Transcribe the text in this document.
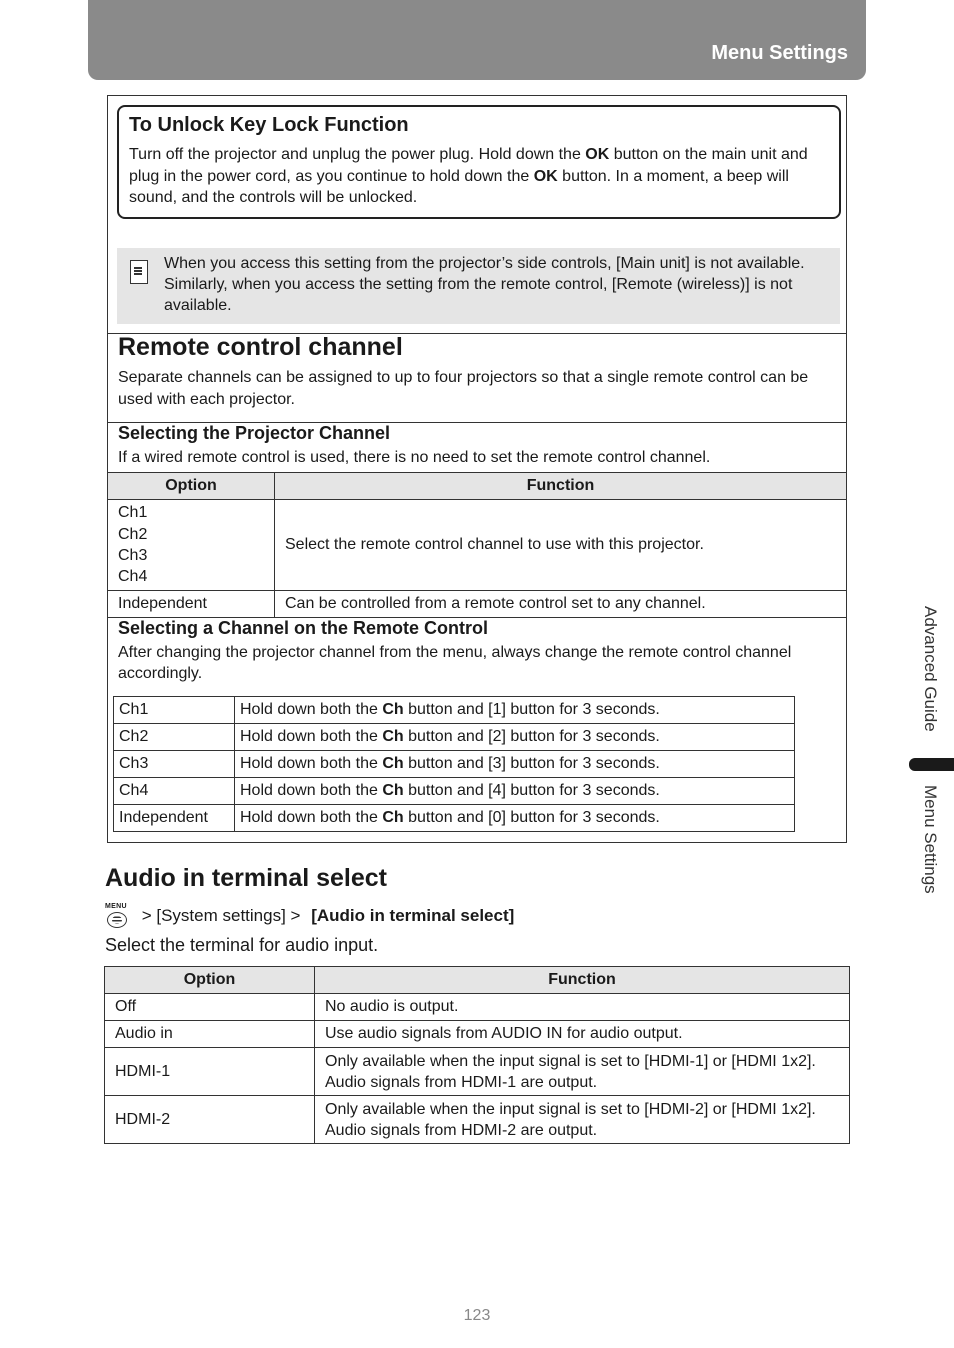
Menu Settings
To Unlock Key Lock Function

Turn off the projector and unplug the power plug. Hold down the OK button on the main unit and plug in the power cord, as you continue to hold down the OK button. In a moment, a beep will sound, and the controls will be unlocked.

When you access this setting from the projector’s side controls, [Main unit] is not available. Similarly, when you access the setting from the remote control, [Remote (wireless)] is not available.

Remote control channel

Separate channels can be assigned to up to four projectors so that a single remote control can be used with each projector.

Selecting the Projector Channel

If a wired remote control is used, there is no need to set the remote control channel.

Option	Function

Ch1
Ch2
Ch3
Ch4	Select the remote control channel to use with this projector.
Independent	Can be controlled from a remote control set to any channel.
Selecting a Channel on the Remote Control

After changing the projector channel from the menu, always change the remote control channel accordingly.

Ch1	Hold down both the Ch button and [1] button for 3 seconds.
Ch2	Hold down both the Ch button and [2] button for 3 seconds.
Ch3	Hold down both the Ch button and [3] button for 3 seconds.
Ch4	Hold down both the Ch button and [4] button for 3 seconds.
Independent	Hold down both the Ch button and [0] button for 3 seconds.
Audio in terminal select
MENU > [System settings] > [Audio in terminal select]

Select the terminal for audio input.

Option	Function
Off	No audio is output.
Audio in	Use audio signals from AUDIO IN for audio output.
HDMI-1	Only available when the input signal is set to [HDMI-1] or [HDMI 1x2]. Audio signals from HDMI-1 are output.
HDMI-2	Only available when the input signal is set to [HDMI-2] or [HDMI 1x2]. Audio signals from HDMI-2 are output.
Advanced Guide
Menu Settings
123
